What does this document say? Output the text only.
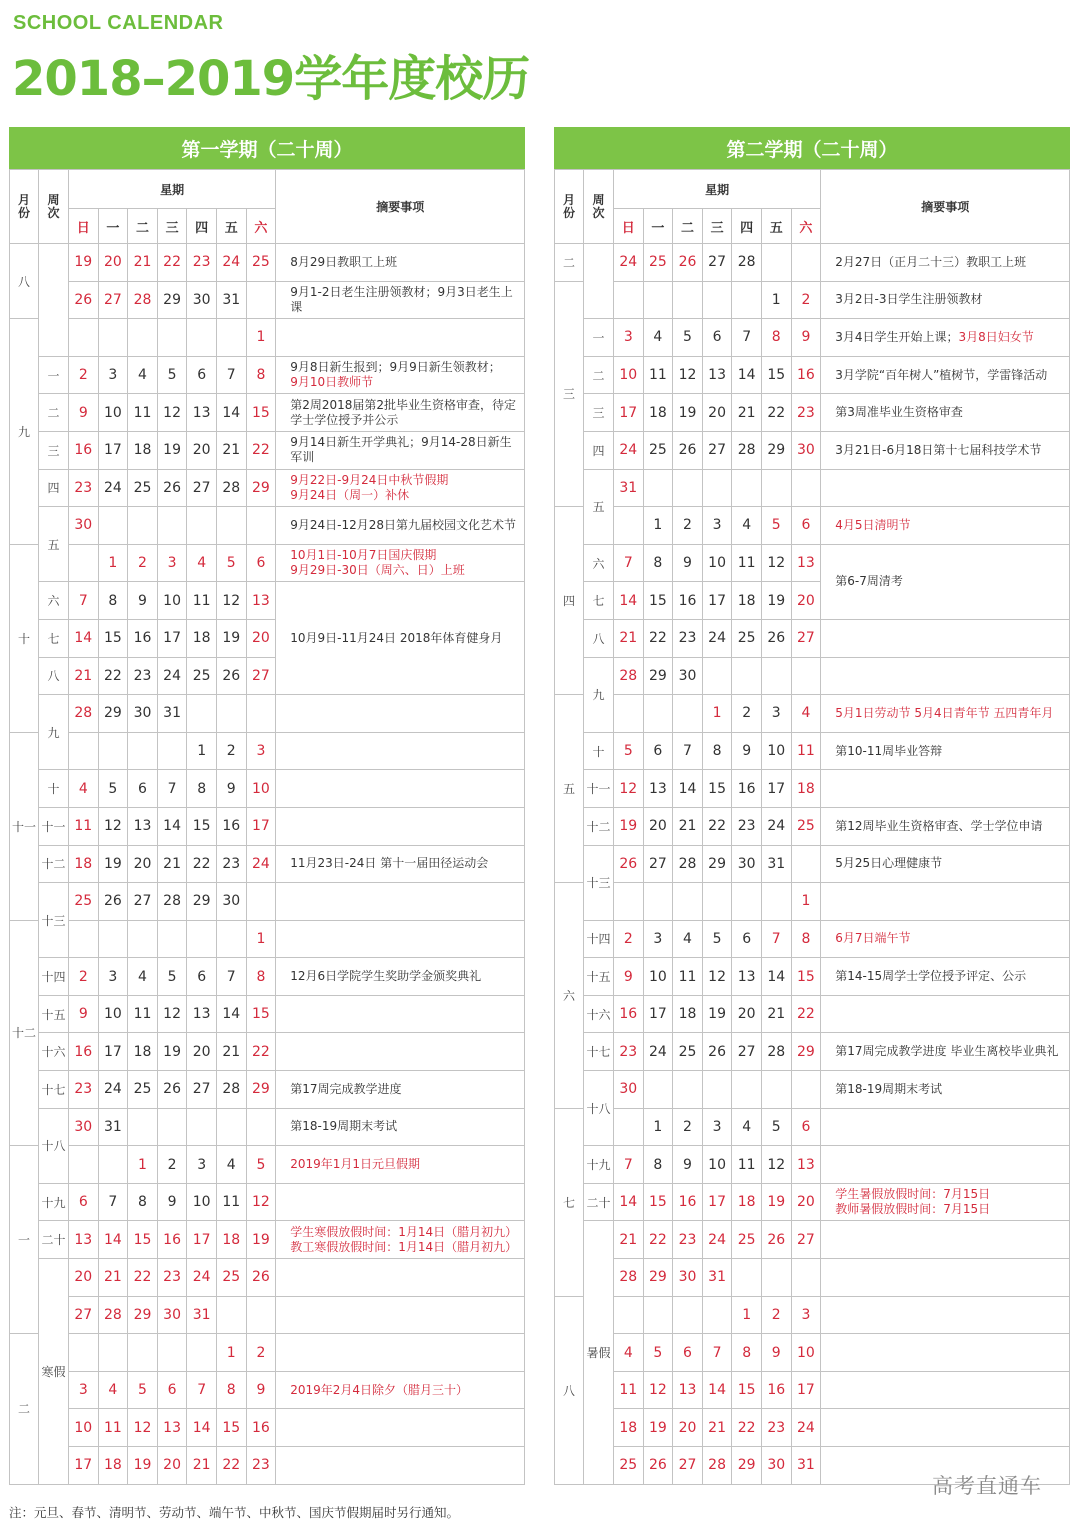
SCHOOL CALENDAR
2018–2019学年度校历
第一学期（二十周）
月份	周次	星期							摘要事项
		日	一	二	三	四	五	六	
八		19	20	21	22	23	24	25	8月29日教职工上班
		26	27	28	29	30	31		9月1-2日老生注册领教材；9月3日老生上课
九								1	
	一	2	3	4	5	6	7	8	9月8日新生报到；9月9日新生领教材；
9月10日教师节
	二	9	10	11	12	13	14	15	第2周2018届第2批毕业生资格审查，待定学士学位授予并公示
	三	16	17	18	19	20	21	22	9月14日新生开学典礼；9月14-28日新生军训
	四	23	24	25	26	27	28	29	9月22日-9月24日中秋节假期
9月24日（周一）补休
	五	30							9月24日-12月28日第九届校园文化艺术节
十			1	2	3	4	5	6	10月1日-10月7日国庆假期
9月29日-30日（周六、日）上班
	六	7	8	9	10	11	12	13	10月9日-11月24日 2018年体育健身月
	七	14	15	16	17	18	19	20	
	八	21	22	23	24	25	26	27	
	九	28	29	30	31				
十一						1	2	3	
	十	4	5	6	7	8	9	10	
	十一	11	12	13	14	15	16	17	
	十二	18	19	20	21	22	23	24	11月23日-24日 第十一届田径运动会
	十三	25	26	27	28	29	30		
十二								1	
	十四	2	3	4	5	6	7	8	12月6日学院学生奖助学金颁奖典礼
	十五	9	10	11	12	13	14	15	
	十六	16	17	18	19	20	21	22	
	十七	23	24	25	26	27	28	29	第17周完成教学进度
	十八	30	31						第18-19周期末考试
一				1	2	3	4	5	2019年1月1日元旦假期
	十九	6	7	8	9	10	11	12	
	二十	13	14	15	16	17	18	19	学生寒假放假时间：1月14日（腊月初九）
教工寒假放假时间：1月14日（腊月初九）
	寒假	20	21	22	23	24	25	26	
		27	28	29	30	31			
二							1	2	
		3	4	5	6	7	8	9	2019年2月4日除夕（腊月三十）
		10	11	12	13	14	15	16	
		17	18	19	20	21	22	23	
第二学期（二十周）
月份	周次	星期							摘要事项
		日	一	二	三	四	五	六	
二		24	25	26	27	28			2月27日（正月二十三）教职工上班
三							1	2	3月2日-3日学生注册领教材
	一	3	4	5	6	7	8	9	3月4日学生开始上课；3月8日妇女节
	二	10	11	12	13	14	15	16	3月学院“百年树人”植树节，学雷锋活动
	三	17	18	19	20	21	22	23	第3周准毕业生资格审查
	四	24	25	26	27	28	29	30	3月21日-6月18日第十七届科技学术节
	五	31							
四			1	2	3	4	5	6	4月5日清明节
	六	7	8	9	10	11	12	13	第6-7周清考
	七	14	15	16	17	18	19	20	
	八	21	22	23	24	25	26	27	
	九	28	29	30					
五					1	2	3	4	5月1日劳动节 5月4日青年节 五四青年月
	十	5	6	7	8	9	10	11	第10-11周毕业答辩
	十一	12	13	14	15	16	17	18	
	十二	19	20	21	22	23	24	25	第12周毕业生资格审查、学士学位申请
	十三	26	27	28	29	30	31		5月25日心理健康节
六								1	
	十四	2	3	4	5	6	7	8	6月7日端午节
	十五	9	10	11	12	13	14	15	第14-15周学士学位授予评定、公示
	十六	16	17	18	19	20	21	22	
	十七	23	24	25	26	27	28	29	第17周完成教学进度 毕业生离校毕业典礼
	十八	30							第18-19周期末考试
七			1	2	3	4	5	6	
	十九	7	8	9	10	11	12	13	
	二十	14	15	16	17	18	19	20	学生暑假放假时间：7月15日
教师暑假放假时间：7月15日
	暑假	21	22	23	24	25	26	27	
		28	29	30	31				
八						1	2	3	
		4	5	6	7	8	9	10	
		11	12	13	14	15	16	17	
		18	19	20	21	22	23	24	
		25	26	27	28	29	30	31	
注：元旦、春节、清明节、劳动节、端午节、中秋节、国庆节假期届时另行通知。
高考直通车
